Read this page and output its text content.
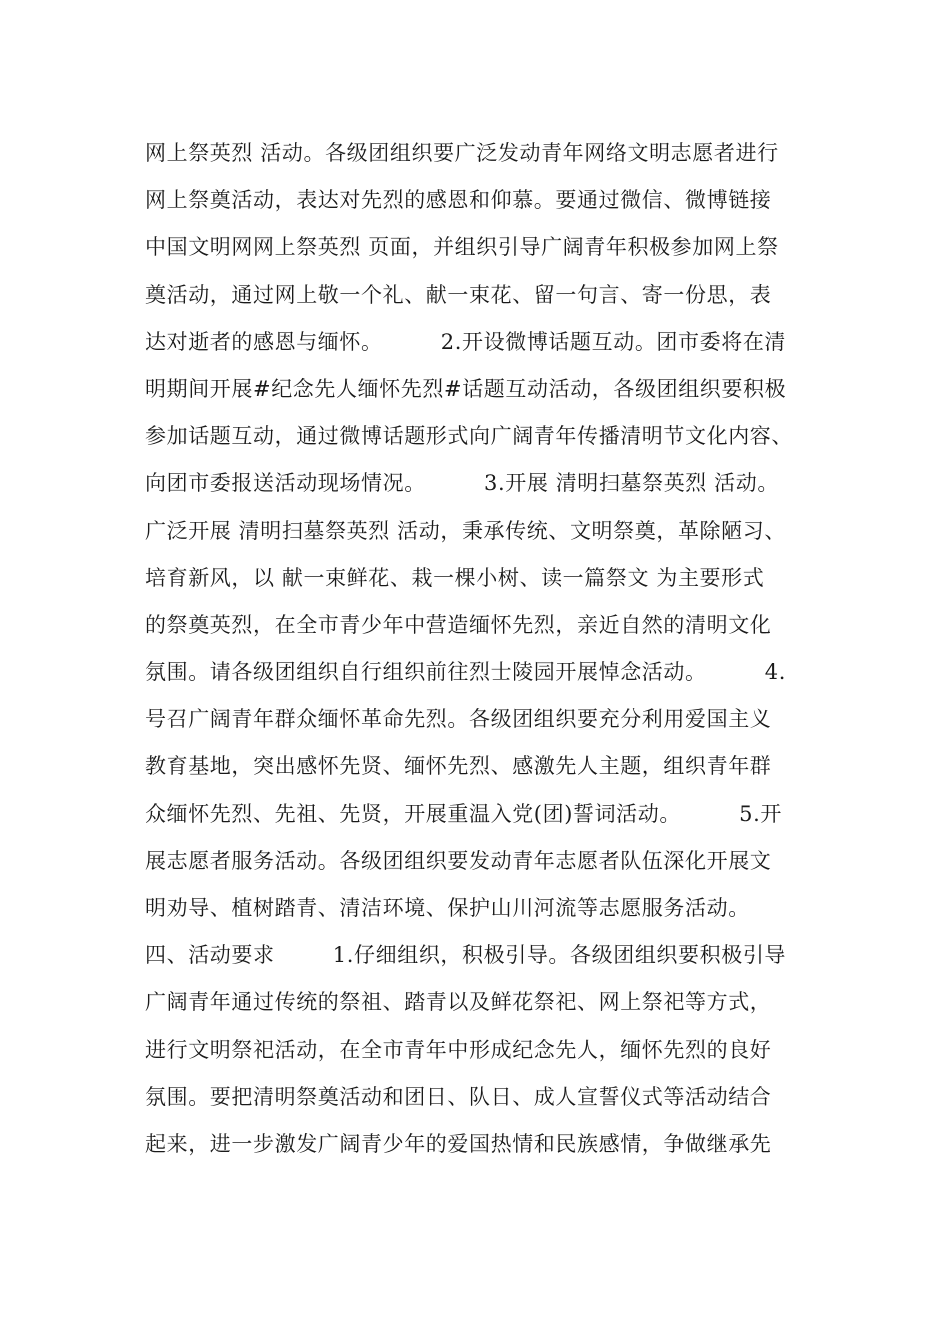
网上祭英烈 活动。各级团组织要广泛发动青年网络文明志愿者进行
网上祭奠活动，表达对先烈的感恩和仰慕。要通过微信、微博链接
中国文明网网上祭英烈 页面，并组织引导广阔青年积极参加网上祭
奠活动，通过网上敬一个礼、献一束花、留一句言、寄一份思，表
达对逝者的感恩与缅怀。        2.开设微博话题互动。团市委将在清
明期间开展#纪念先人缅怀先烈#话题互动活动，各级团组织要积极
参加话题互动，通过微博话题形式向广阔青年传播清明节文化内容、
向团市委报送活动现场情况。        3.开展 清明扫墓祭英烈 活动。
广泛开展 清明扫墓祭英烈 活动，秉承传统、文明祭奠，革除陋习、
培育新风，以 献一束鲜花、栽一棵小树、读一篇祭文 为主要形式
的祭奠英烈，在全市青少年中营造缅怀先烈，亲近自然的清明文化
氛围。请各级团组织自行组织前往烈士陵园开展悼念活动。        4.
号召广阔青年群众缅怀革命先烈。各级团组织要充分利用爱国主义
教育基地，突出感怀先贤、缅怀先烈、感激先人主题，组织青年群
众缅怀先烈、先祖、先贤，开展重温入党(团)誓词活动。        5.开
展志愿者服务活动。各级团组织要发动青年志愿者队伍深化开展文
明劝导、植树踏青、清洁环境、保护山川河流等志愿服务活动。
四、活动要求        1.仔细组织，积极引导。各级团组织要积极引导
广阔青年通过传统的祭祖、踏青以及鲜花祭祀、网上祭祀等方式，
进行文明祭祀活动，在全市青年中形成纪念先人，缅怀先烈的良好
氛围。要把清明祭奠活动和团日、队日、成人宣誓仪式等活动结合
起来，进一步激发广阔青少年的爱国热情和民族感情，争做继承先
